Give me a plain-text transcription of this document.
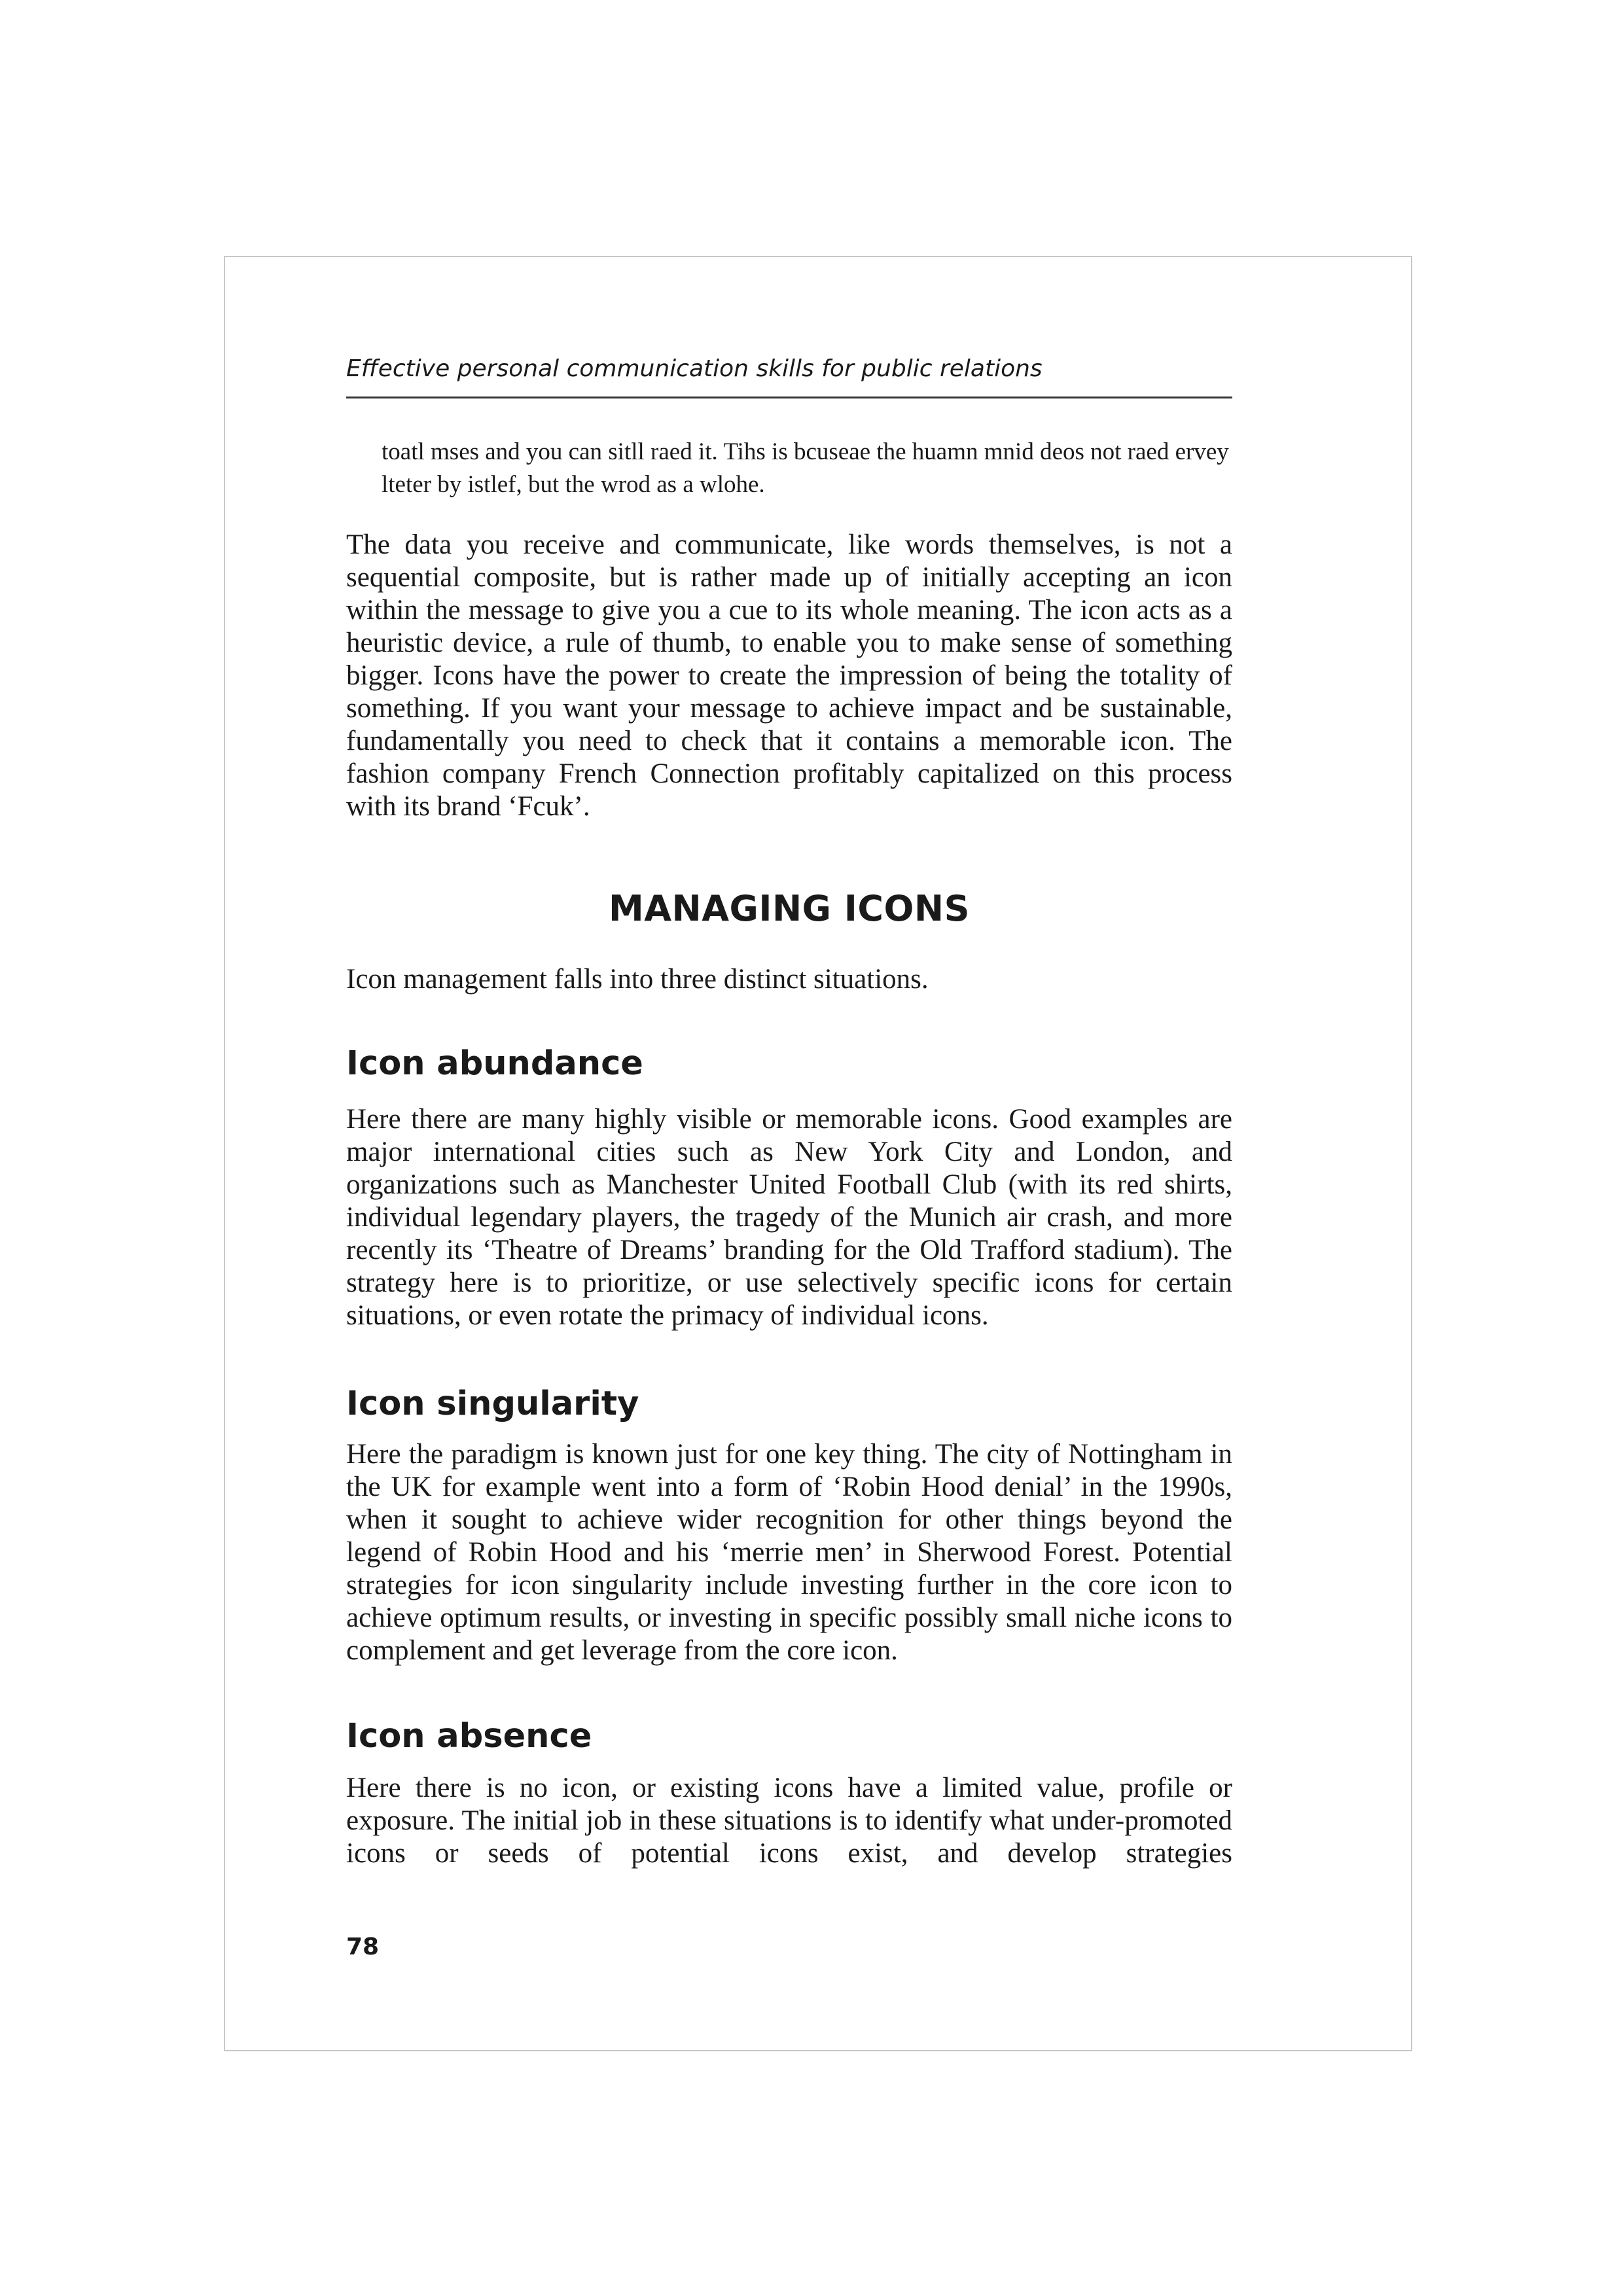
Effective personal communication skills for public relations
toatl mses and you can sitll raed it. Tihs is bcuseae the huamn mnid deos not raed ervey lteter by istlef, but the wrod as a wlohe.

The data you receive and communicate, like words themselves, is not a sequential composite, but is rather made up of initially accepting an icon within the message to give you a cue to its whole meaning. The icon acts as a heuristic device, a rule of thumb, to enable you to make sense of something bigger. Icons have the power to create the impression of being the totality of something. If you want your message to achieve impact and be sustainable, fundamentally you need to check that it contains a memorable icon. The fashion company French Connection profitably capitalized on this process with its brand ‘Fcuk’.

MANAGING ICONS

Icon management falls into three distinct situations.

Icon abundance

Here there are many highly visible or memorable icons. Good examples are major international cities such as New York City and London, and organizations such as Manchester United Football Club (with its red shirts, individual legendary players, the tragedy of the Munich air crash, and more recently its ‘Theatre of Dreams’ branding for the Old Trafford stadium). The strategy here is to prioritize, or use selectively specific icons for certain situations, or even rotate the primacy of individual icons.

Icon singularity

Here the paradigm is known just for one key thing. The city of Nottingham in the UK for example went into a form of ‘Robin Hood denial’ in the 1990s, when it sought to achieve wider recognition for other things beyond the legend of Robin Hood and his ‘merrie men’ in Sherwood Forest. Potential strategies for icon singularity include investing further in the core icon to achieve optimum results, or investing in specific possibly small niche icons to complement and get leverage from the core icon.

Icon absence

Here there is no icon, or existing icons have a limited value, profile or exposure. The initial job in these situations is to identify what under-promoted icons or seeds of potential icons exist, and develop strategies

78
